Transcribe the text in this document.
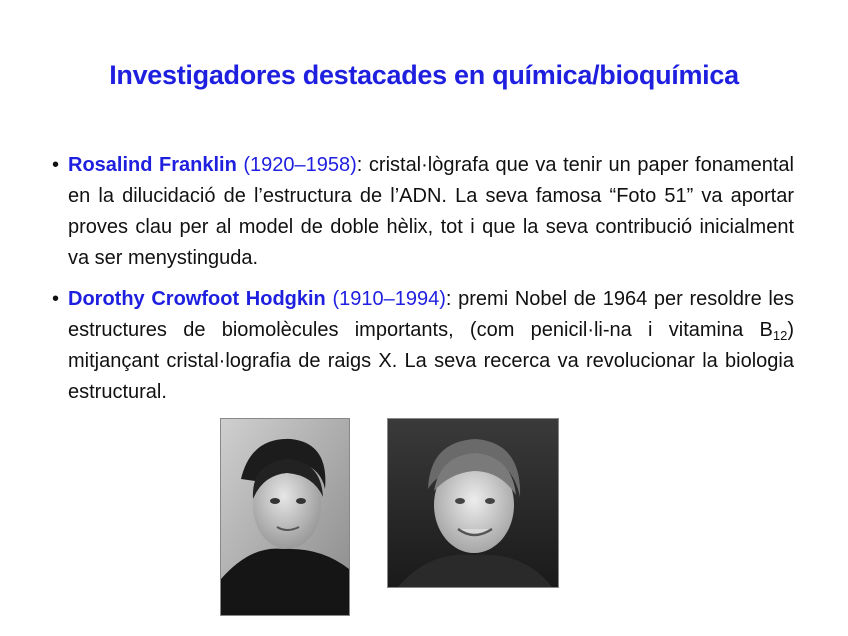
Investigadores destacades en química/bioquímica
• Rosalind Franklin (1920–1958): cristal·lògrafa que va tenir un paper fonamental en la dilucidació de l’estructura de l’ADN. La seva famosa “Foto 51” va aportar proves clau per al model de doble hèlix, tot i que la seva contribució inicialment va ser menystinguda.
• Dorothy Crowfoot Hodgkin (1910–1994): premi Nobel de 1964 per resoldre les estructures de biomolècules importants, (com penicil·li-na i vitamina $B_{12}$) mitjançant cristal·lografia de raigs X. La seva recerca va revolucionar la biologia estructural.
